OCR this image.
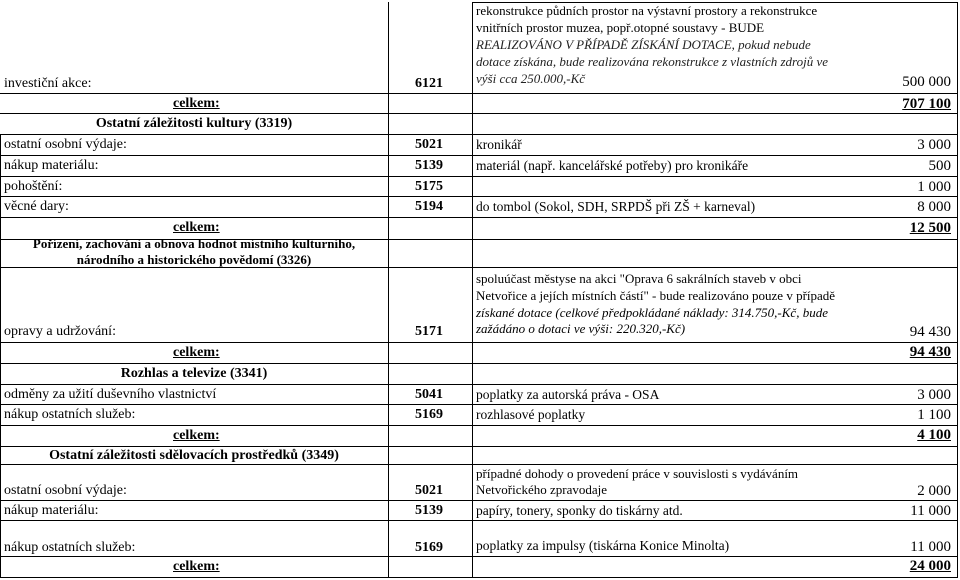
investiční akce:	6121
rekonstrukce půdních prostor na výstavní prostory a rekonstrukce
vnitřních prostor muzea, popř.otopné soustavy - BUDE
REALIZOVÁNO V PŘÍPADĚ ZÍSKÁNÍ DOTACE, pokud nebude
dotace získána, bude realizována rekonstrukce z vlastních zdrojů ve
výši cca 250.000,-Kč	500 000
celkem:	707 100
Ostatní záležitosti kultury (3319)
ostatní osobní výdaje:	5021 kronikář	3 000
nákup materiálu:	5139 materiál (např. kancelářské potřeby) pro kronikáře	500
pohoštění:	5175	1 000
věcné dary:	5194 do tombol (Sokol, SDH, SRPDŠ při ZŠ + karneval)	8 000
celkem:	12 500
Pořízení, zachování a obnova hodnot místního kulturního,
národního a historického povědomí (3326)
opravy a udržování:	5171
spoluúčast městyse na akci "Oprava 6 sakrálních staveb v obci
Netvořice a jejích místních částí" - bude realizováno pouze v případě
získané dotace (celkové předpokládané náklady: 314.750,-Kč, bude
zažádáno o dotaci ve výši: 220.320,-Kč)	94 430
celkem:	94 430
Rozhlas a televize (3341)
odměny za užití duševního vlastnictví	5041 poplatky za autorská práva - OSA	3 000
nákup ostatních služeb:	5169 rozhlasové poplatky	1 100
celkem:	4 100
Ostatní záležitosti sdělovacích prostředků (3349)
ostatní osobní výdaje:	5021
případné dohody o provedení práce v souvislosti s vydáváním
Netvořického zpravodaje	2 000
nákup materiálu:	5139 papíry, tonery, sponky do tiskárny atd.	11 000
nákup ostatních služeb:	5169 poplatky za impulsy (tiskárna Konice Minolta)	11 000
celkem:	24 000
